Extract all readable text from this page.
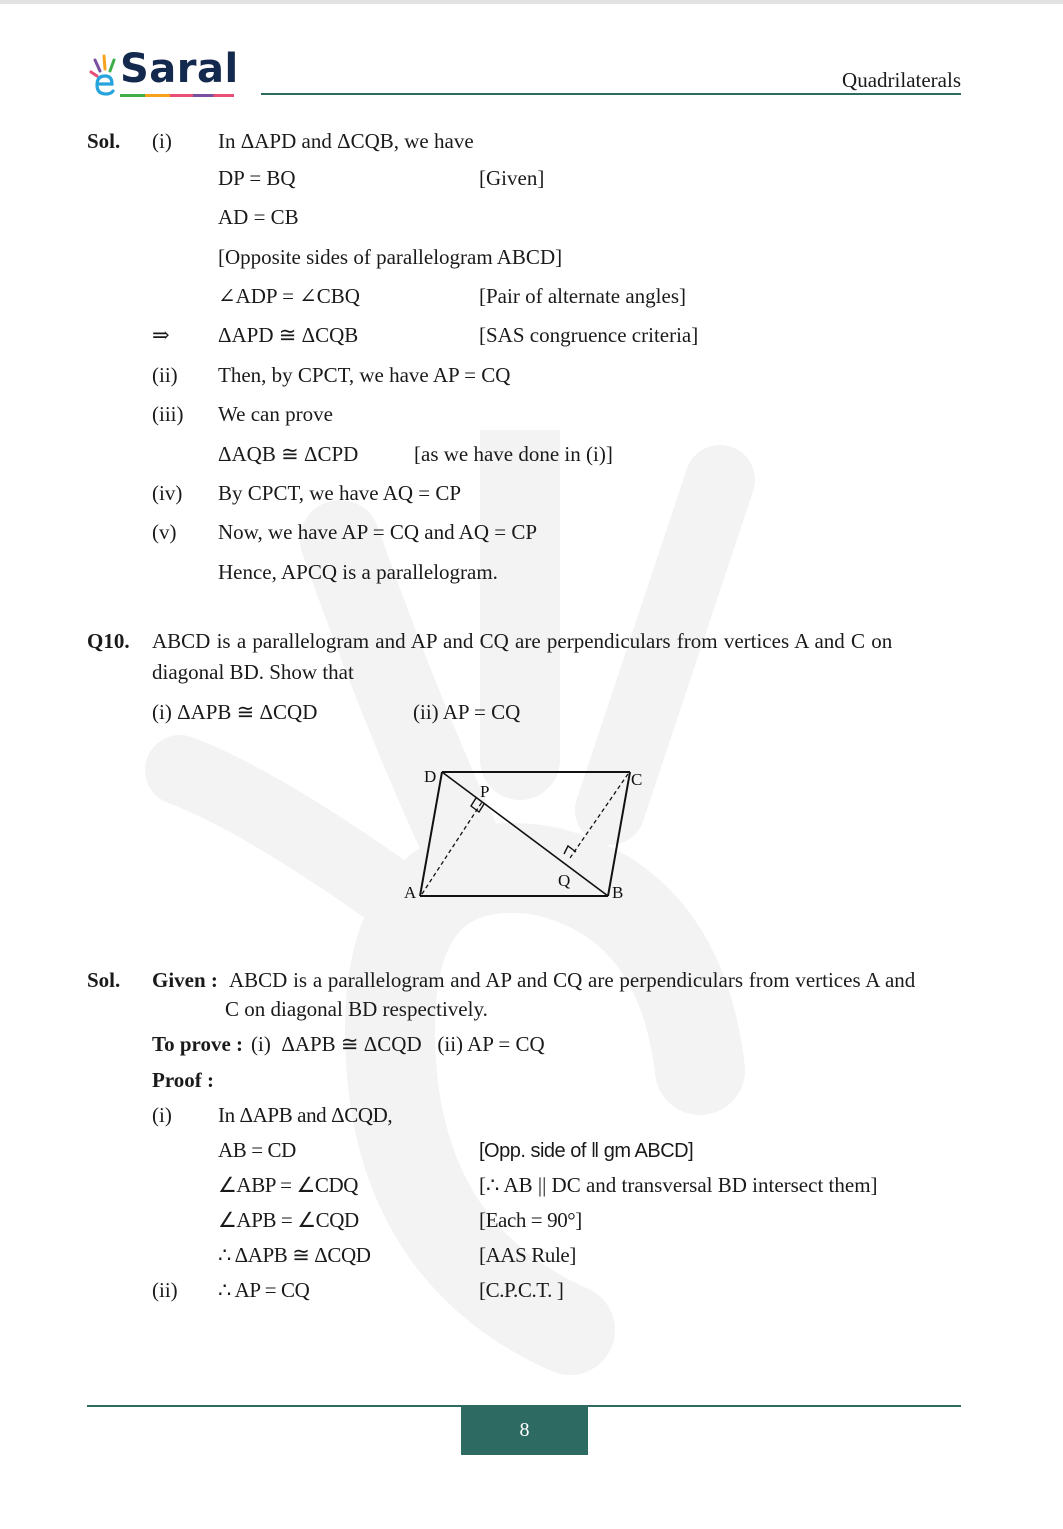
Saral	Quadrilaterals
Sol. (i) In ΔAPD and ΔCQB, we have
DP = BQ	[Given]
AD = CB
[Opposite sides of parallelogram ABCD]
∠ADP = ∠CBQ	[Pair of alternate angles]
⇒ ΔAPD ≅ ΔCQB	[SAS congruence criteria]
(ii) Then, by CPCT, we have AP = CQ
(iii) We can prove
ΔAQB ≅ ΔCPD	[as we have done in (i)]
(iv) By CPCT, we have AQ = CP
(v) Now, we have AP = CQ and AQ = CP
Hence, APCQ is a parallelogram.
Q10. ABCD is a parallelogram and AP and CQ are perpendiculars from vertices A and C on
diagonal BD. Show that
(i) ΔAPB ≅ ΔCQD	(ii) AP = CQ
D	C
P
Q
A	B
Sol. Given : ABCD is a parallelogram and AP and CQ are perpendiculars from vertices A and
C on diagonal BD respectively.
To prove : (i)  ΔAPB ≅ ΔCQD   (ii) AP = CQ
Proof :
(i) In ΔAPB and ΔCQD,
AB = CD	[Opp. side of ‖ gm ABCD]
∠ABP = ∠CDQ	[∴ AB || DC and transversal BD intersect them]
∠APB = ∠CQD	[Each = 90°]
∴ ΔAPB ≅ ΔCQD	[AAS Rule]
(ii) ∴ AP = CQ	[C.P.C.T. ]
8
